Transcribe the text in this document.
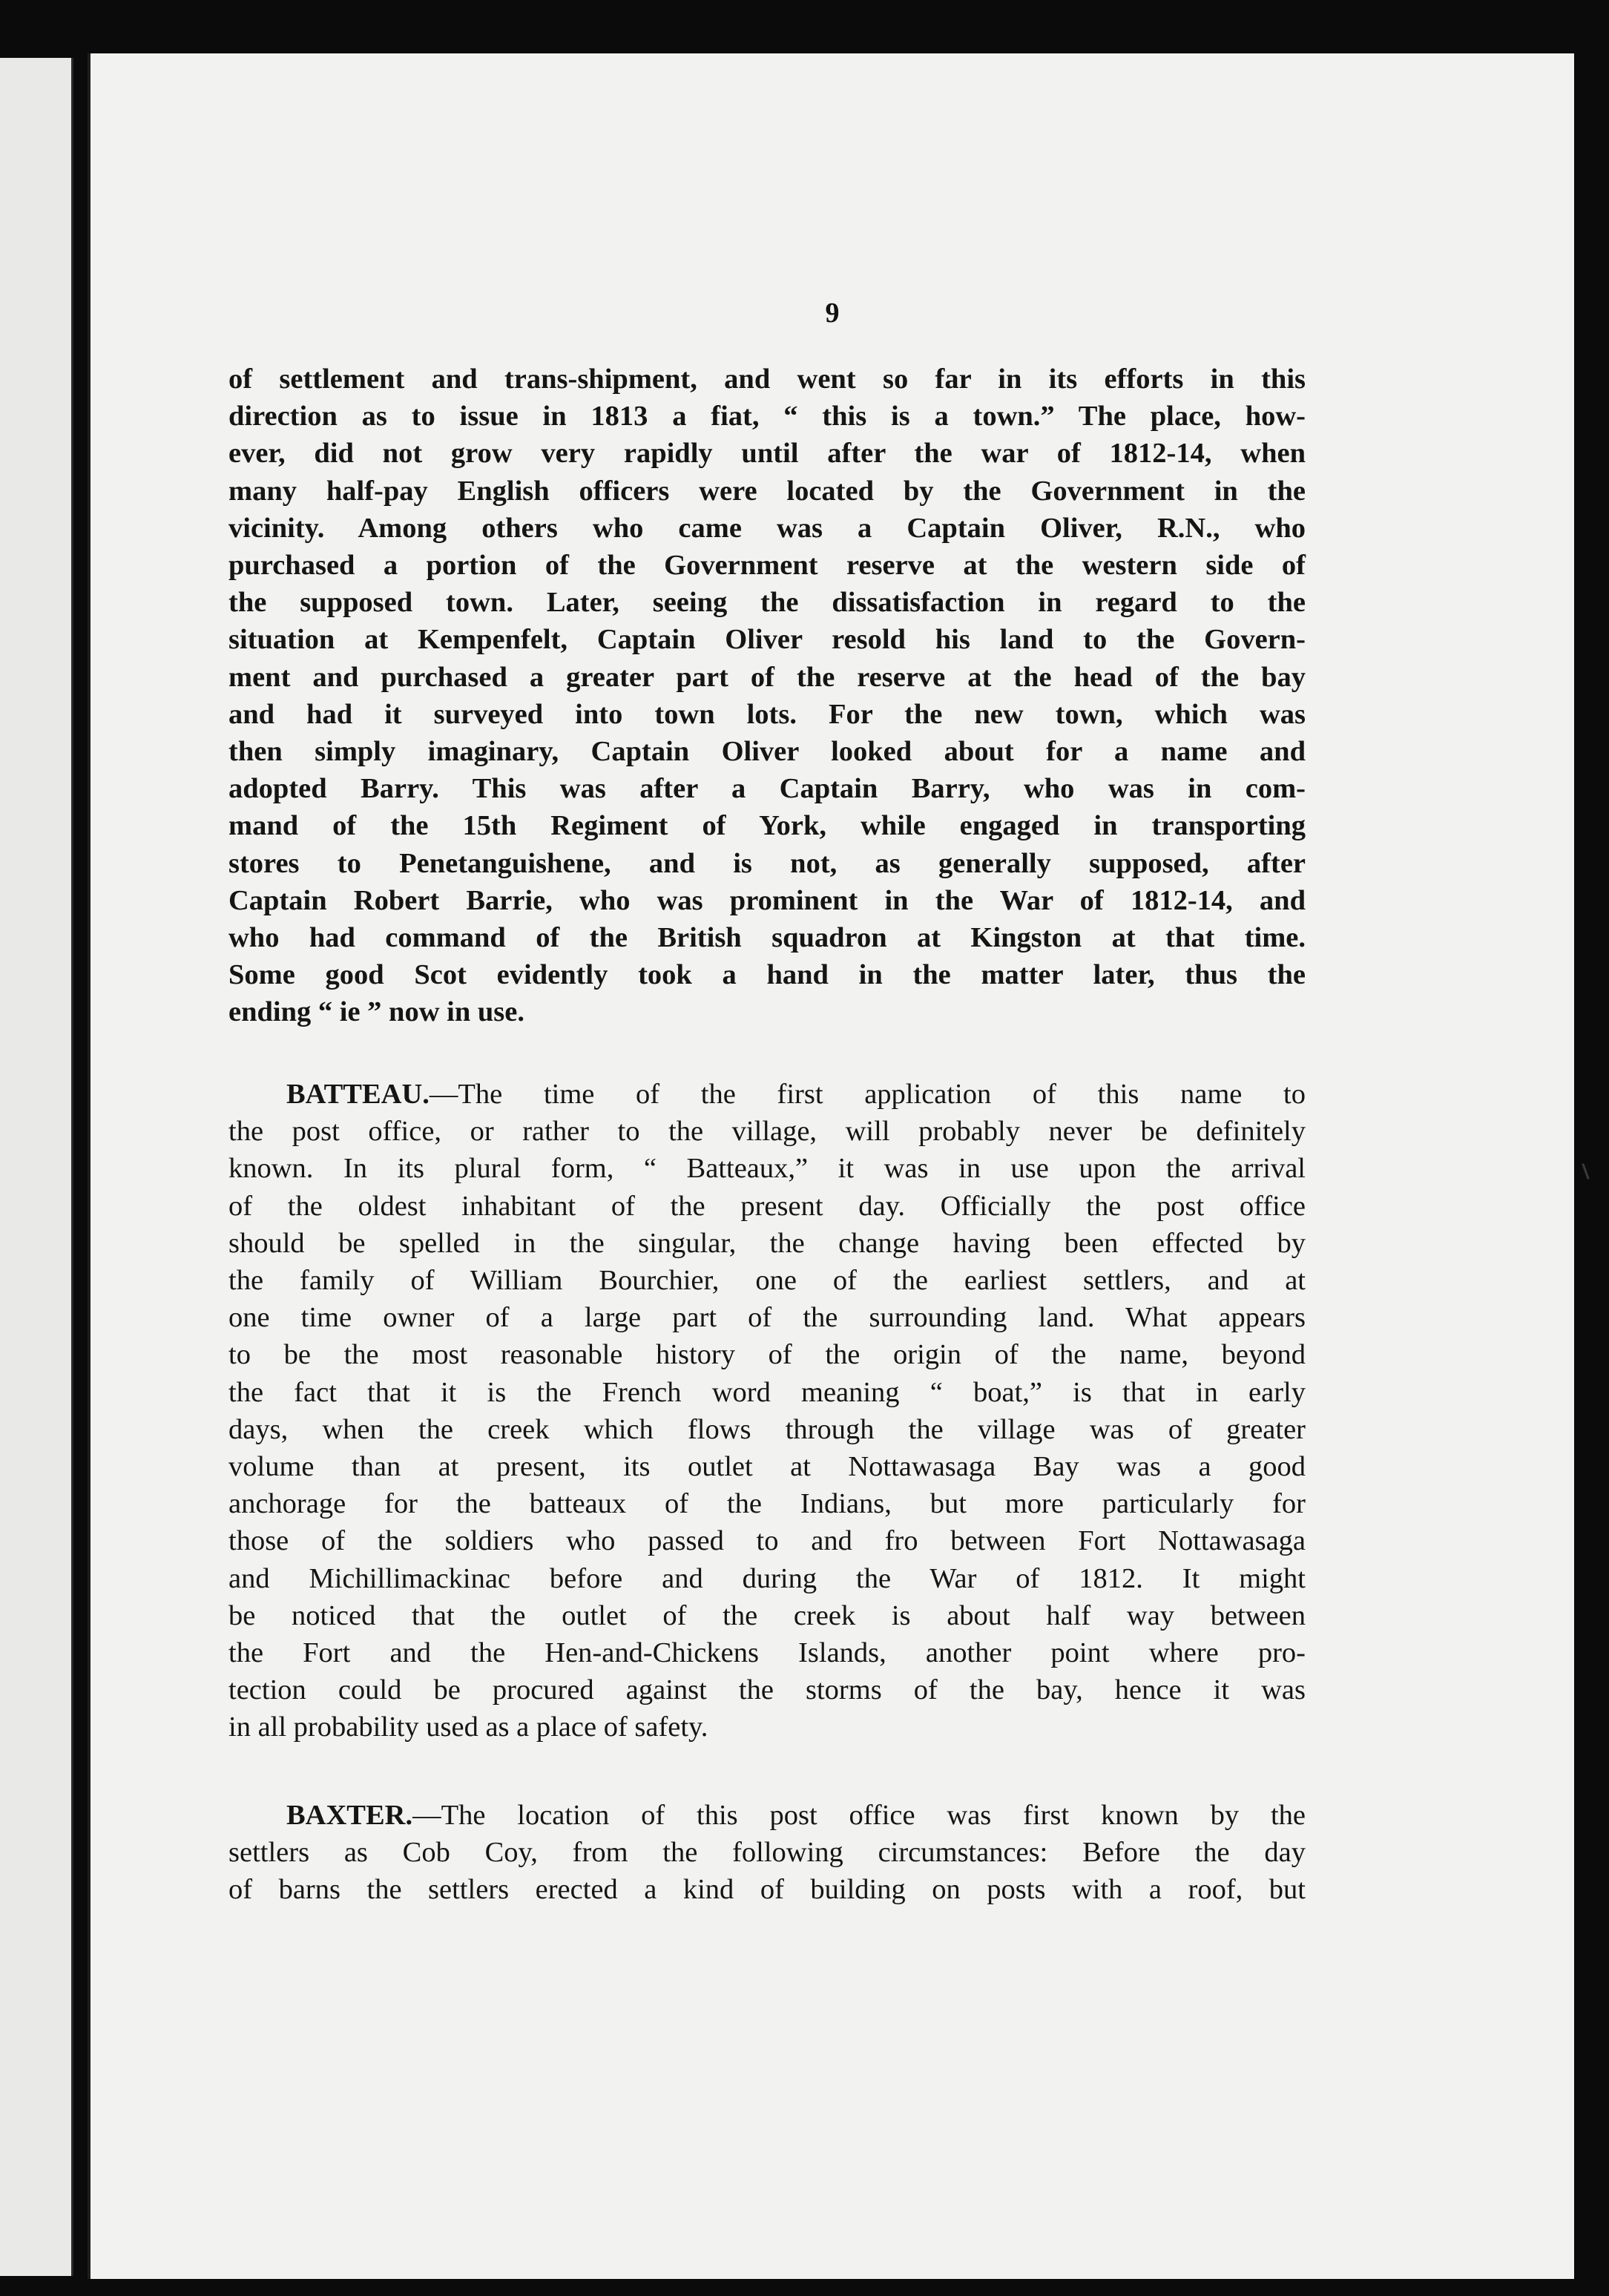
9
of settlement and trans-shipment, and went so far in its efforts in this
direction as to issue in 1813 a fiat, “ this is a town.” The place, how-
ever, did not grow very rapidly until after the war of 1812-14, when
many half-pay English officers were located by the Government in the
vicinity. Among others who came was a Captain Oliver, R.N., who
purchased a portion of the Government reserve at the western side of
the supposed town. Later, seeing the dissatisfaction in regard to the
situation at Kempenfelt, Captain Oliver resold his land to the Govern-
ment and purchased a greater part of the reserve at the head of the bay
and had it surveyed into town lots. For the new town, which was
then simply imaginary, Captain Oliver looked about for a name and
adopted Barry. This was after a Captain Barry, who was in com-
mand of the 15th Regiment of York, while engaged in transporting
stores to Penetanguishene, and is not, as generally supposed, after
Captain Robert Barrie, who was prominent in the War of 1812-14, and
who had command of the British squadron at Kingston at that time.
Some good Scot evidently took a hand in the matter later, thus the
ending “ ie ” now in use.
BATTEAU.—The time of the first application of this name to
the post office, or rather to the village, will probably never be definitely
known. In its plural form, “ Batteaux,” it was in use upon the arrival
of the oldest inhabitant of the present day. Officially the post office
should be spelled in the singular, the change having been effected by
the family of William Bourchier, one of the earliest settlers, and at
one time owner of a large part of the surrounding land. What appears
to be the most reasonable history of the origin of the name, beyond
the fact that it is the French word meaning “ boat,” is that in early
days, when the creek which flows through the village was of greater
volume than at present, its outlet at Nottawasaga Bay was a good
anchorage for the batteaux of the Indians, but more particularly for
those of the soldiers who passed to and fro between Fort Nottawasaga
and Michillimackinac before and during the War of 1812. It might
be noticed that the outlet of the creek is about half way between
the Fort and the Hen-and-Chickens Islands, another point where pro-
tection could be procured against the storms of the bay, hence it was
in all probability used as a place of safety.
BAXTER.—The location of this post office was first known by the
settlers as Cob Coy, from the following circumstances: Before the day
of barns the settlers erected a kind of building on posts with a roof, but
